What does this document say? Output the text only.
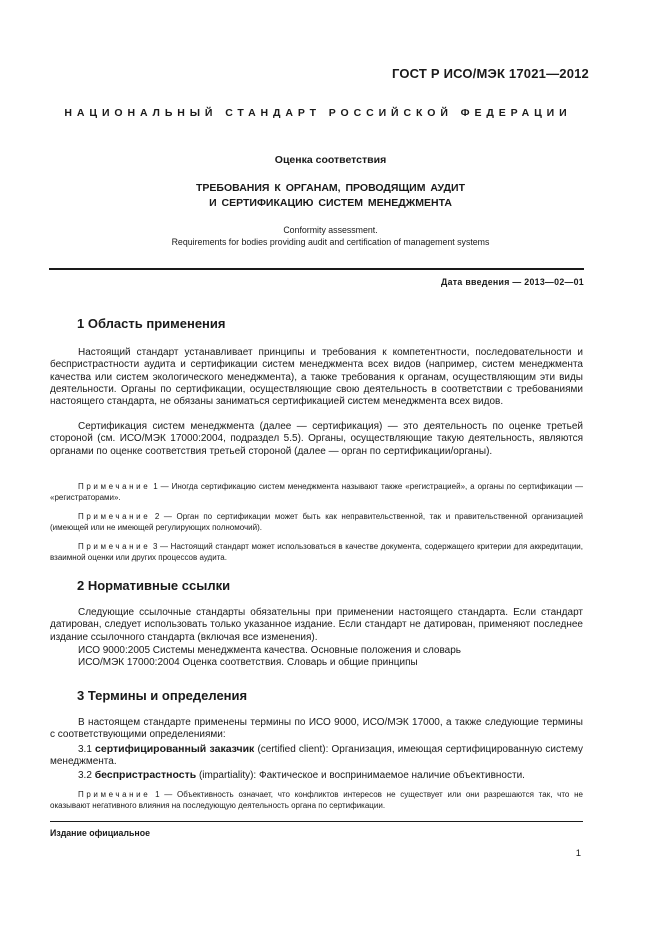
ГОСТ Р ИСО/МЭК 17021—2012
НАЦИОНАЛЬНЫЙ СТАНДАРТ РОССИЙСКОЙ ФЕДЕРАЦИИ
Оценка соответствия
ТРЕБОВАНИЯ К ОРГАНАМ, ПРОВОДЯЩИМ АУДИТ
И СЕРТИФИКАЦИЮ СИСТЕМ МЕНЕДЖМЕНТА
Conformity assessment.
Requirements for bodies providing audit and certification of management systems
Дата введения — 2013—02—01
1 Область применения

Настоящий стандарт устанавливает принципы и требования к компетентности, последовательности и беспристрастности аудита и сертификации систем менеджмента всех видов (например, систем менеджмента качества или систем экологического менеджмента), а также требования к органам, осуществляющим эти виды деятельности. Органы по сертификации, осуществляющие свою деятельность в соответствии с требованиями настоящего стандарта, не обязаны заниматься сертификацией систем менеджмента всех видов.

Сертификация систем менеджмента (далее — сертификация) — это деятельность по оценке третьей стороной (см. ИСО/МЭК 17000:2004, подраздел 5.5). Органы, осуществляющие такую деятельность, являются органами по оценке соответствия третьей стороной (далее — орган по сертификации/органы).

Примечание 1 — Иногда сертификацию систем менеджмента называют также «регистрацией», а органы по сертификации — «регистраторами».

Примечание 2 — Орган по сертификации может быть как неправительственной, так и правительственной организацией (имеющей или не имеющей регулирующих полномочий).

Примечание 3 — Настоящий стандарт может использоваться в качестве документа, содержащего критерии для аккредитации, взаимной оценки или других процессов аудита.

2 Нормативные ссылки

Следующие ссылочные стандарты обязательны при применении настоящего стандарта. Если стандарт датирован, следует использовать только указанное издание. Если стандарт не датирован, применяют последнее издание ссылочного стандарта (включая все изменения).

ИСО 9000:2005 Системы менеджмента качества. Основные положения и словарь

ИСО/МЭК 17000:2004 Оценка соответствия. Словарь и общие принципы

3 Термины и определения

В настоящем стандарте применены термины по ИСО 9000, ИСО/МЭК 17000, а также следующие термины с соответствующими определениями:

3.1 сертифицированный заказчик (certified client): Организация, имеющая сертифицированную систему менеджмента.

3.2 беспристрастность (impartiality): Фактическое и воспринимаемое наличие объективности.

Примечание 1 — Объективность означает, что конфликтов интересов не существует или они разрешаются так, что не оказывают негативного влияния на последующую деятельность органа по сертификации.

Издание официальное
1
